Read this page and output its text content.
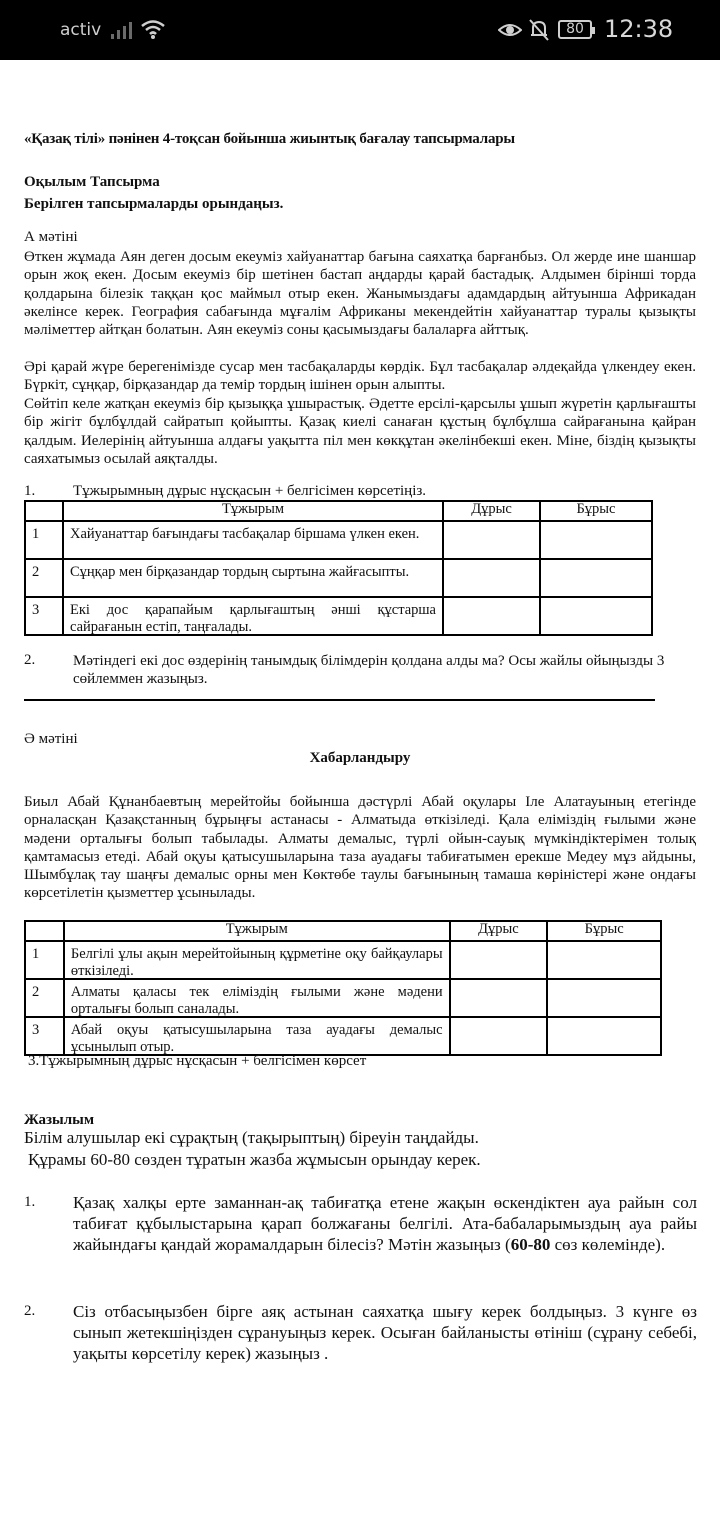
activ	80 12:38
«Қазақ тілі» пәнінен 4-тоқсан бойынша жиынтық бағалау тапсырмалары
Оқылым Тапсырма
Берілген тапсырмаларды орындаңыз.
А мәтіні
Өткен жұмада Аян деген досым екеуміз хайуанаттар бағына саяхатқа барғанбыз. Ол жерде ине шаншар орын жоқ екен. Досым екеуміз бір шетінен бастап аңдарды қарай бастадық. Алдымен бірінші торда қолдарына білезік таққан қос маймыл отыр екен. Жанымыздағы адамдардың айтуынша Африкадан әкелінсе керек. География сабағында мұғалім Африканы мекендейтін хайуанаттар туралы қызықты мәліметтер айтқан болатын. Аян екеуміз соны қасымыздағы балаларға айттық.
Әрі қарай жүре берегенімізде сусар мен тасбақаларды көрдік. Бұл тасбақалар әлдеқайда үлкендеу екен. Бүркіт, сұңқар, бірқазандар да темір тордың ішінен орын алыпты.
Сөйтіп келе жатқан екеуміз бір қызыққа ұшырастық. Әдетте ерсілі-қарсылы ұшып жүретін қарлығашты бір жігіт бұлбұлдай сайратып қойыпты. Қазақ киелі санаған құстың бұлбұлша сайрағанына қайран қалдым. Иелерінің айтуынша алдағы уақытта піл мен көкқұтан әкелінбекші екен. Міне, біздің қызықты саяхатымыз осылай аяқталды.
1.	Тұжырымның дұрыс нұсқасын + белгісімен көрсетіңіз.

	Тұжырым	Дұрыс	Бұрыс

1	Хайуанаттар бағындағы тасбақалар біршама үлкен екен.		

2	Сұңқар мен бірқазандар тордың сыртына жайғасыпты.		

3	Екі дос қарапайым қарлығаштың әнші құстарша сайрағанын естіп, таңғалады.		

2.	Мәтіндегі екі дос өздерінің танымдық білімдерін қолдана алды ма? Осы жайлы ойыңызды 3 сөйлеммен жазыңыз.
Ә мәтіні
Хабарландыру
Биыл Абай Құнанбаевтың мерейтойы бойынша дәстүрлі Абай оқулары Іле Алатауының етегінде орналасқан Қазақстанның бұрыңғы астанасы - Алматыда өткізіледі. Қала еліміздің ғылыми және мәдени орталығы болып табылады. Алматы демалыс, түрлі ойын-сауық мүмкіндіктерімен толық қамтамасыз етеді. Абай оқуы қатысушыларына таза ауадағы табиғатымен ерекше Медеу мұз айдыны, Шымбұлақ тау шаңғы демалыс орны мен Көктөбе таулы бағынының тамаша көріністері және ондағы көрсетілетін қызметтер ұсынылады.

	Тұжырым	Дұрыс	Бұрыс

1	Белгілі ұлы ақын мерейтойының құрметіне оқу байқаулары өткізіледі.		

2	Алматы қаласы тек еліміздің ғылыми және мәдени орталығы болып саналады.		

3	Абай оқуы қатысушыларына таза ауадағы демалыс ұсынылып отыр.		

3.Тұжырымның дұрыс нұсқасын + белгісімен көрсет
Жазылым
Білім алушылар екі сұрақтың (тақырыптың) біреуін таңдайды.
Құрамы 60-80 сөзден тұратын жазба жұмысын орындау керек.
1. Қазақ халқы ерте заманнан-ақ табиғатқа етене жақын өскендіктен ауа райын сол табиғат құбылыстарына қарап болжағаны белгілі. Ата-бабаларымыздың ауа райы жайындағы қандай жорамалдарын білесіз? Мәтін жазыңыз (60-80 сөз көлемінде).
2. Сіз отбасыңызбен бірге аяқ астынан саяхатқа шығу керек болдыңыз. 3 күнге өз сынып жетекшіңізден сұрануыңыз керек. Осыған байланысты өтініш (сұрану себебі, уақыты көрсетілу керек) жазыңыз .
